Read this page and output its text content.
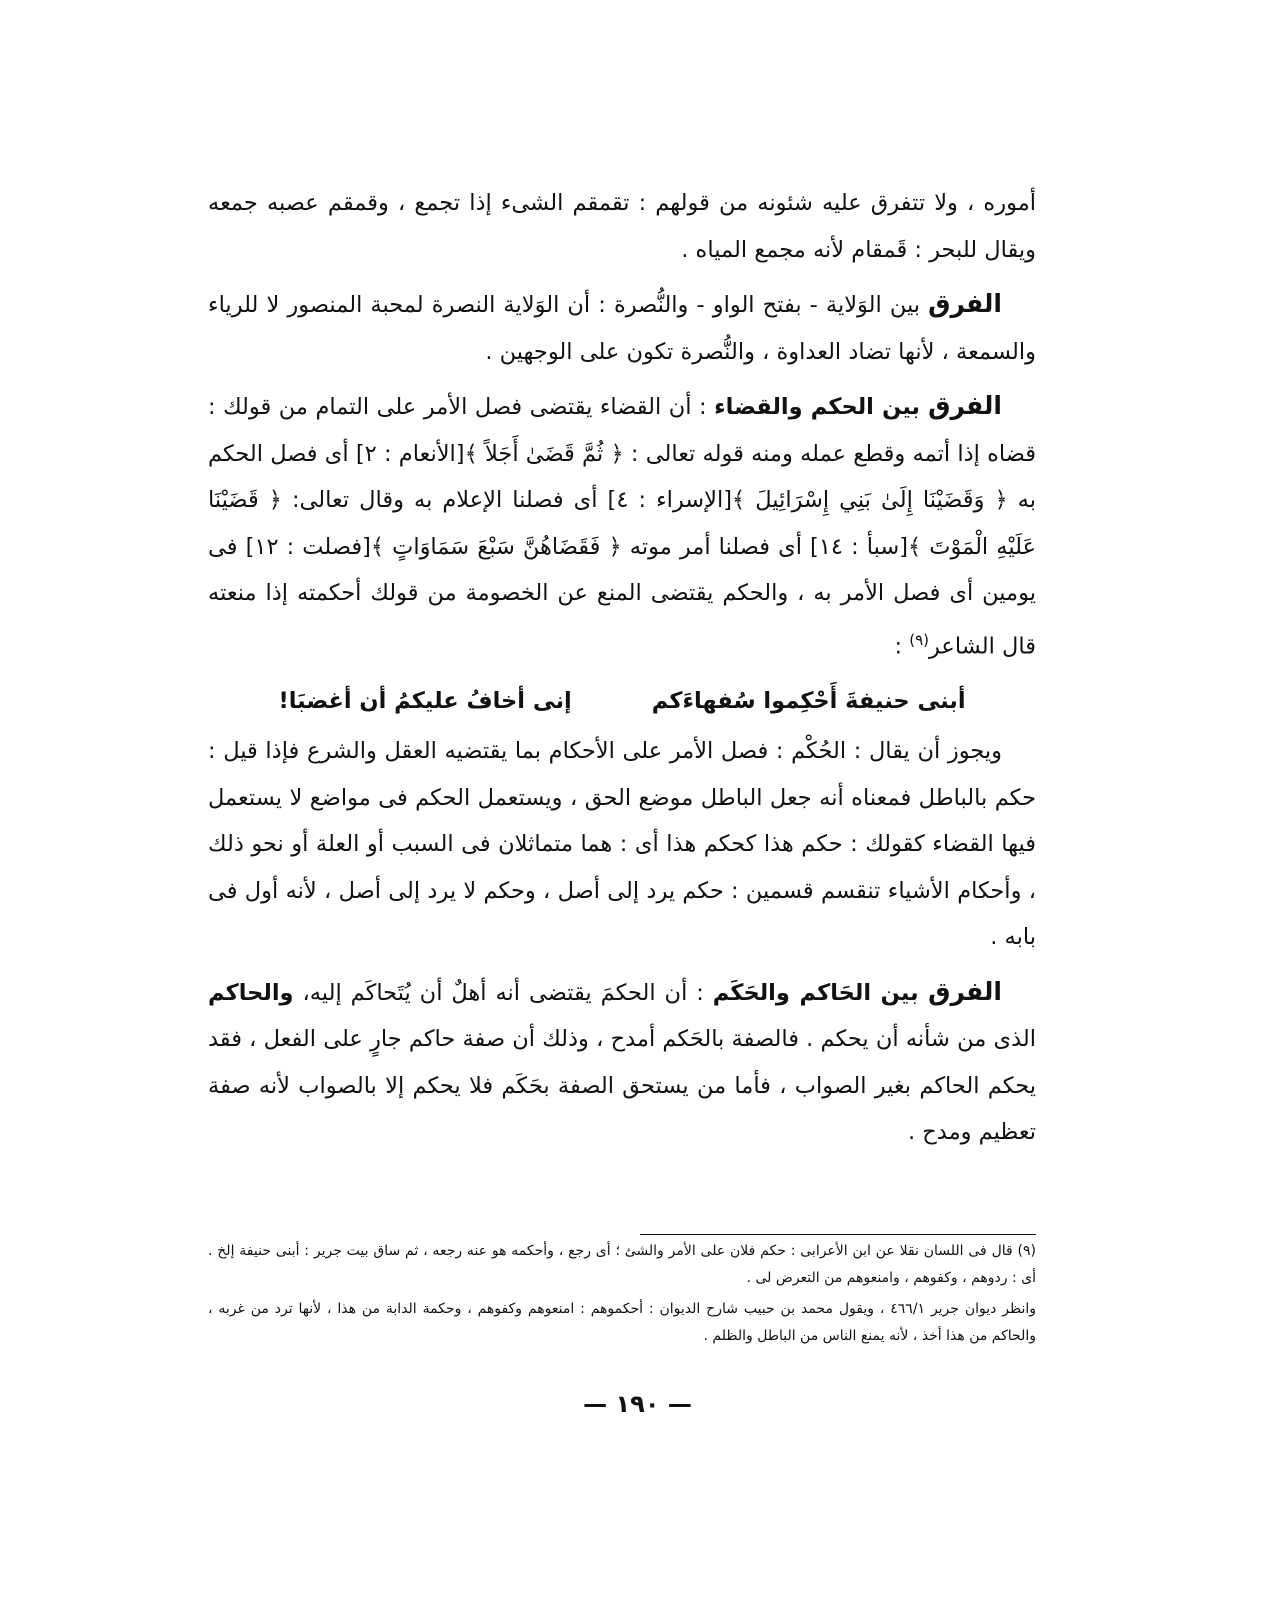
أموره ، ولا تتفرق عليه شئونه من قولهم : تقمقم الشىء إذا تجمع ، وقمقم عصبه جمعه ويقال للبحر : قَمقام لأنه مجمع المياه .

الفرق بين الوَلاية - بفتح الواو - والنُّصرة : أن الوَلاية النصرة لمحبة المنصور لا للرياء والسمعة ، لأنها تضاد العداوة ، والنُّصرة تكون على الوجهين .

الفرق بين الحكم والقضاء : أن القضاء يقتضى فصل الأمر على التمام من قولك : قضاه إذا أتمه وقطع عمله ومنه قوله تعالى : ﴿ ثُمَّ قَضَىٰ أَجَلاً ﴾[الأنعام : ٢] أى فصل الحكم به ﴿ وَقَضَيْنَا إِلَىٰ بَنِي إِسْرَائِيلَ ﴾[الإسراء : ٤] أى فصلنا الإعلام به وقال تعالى: ﴿ قَضَيْنَا عَلَيْهِ الْمَوْتَ ﴾[سبأ : ١٤] أى فصلنا أمر موته ﴿ فَقَضَاهُنَّ سَبْعَ سَمَاوَاتٍ ﴾[فصلت : ١٢] فى يومين أى فصل الأمر به ، والحكم يقتضى المنع عن الخصومة من قولك أحكمته إذا منعته قال الشاعر$^{(٩)}$ :

أبنى حنيفةَ أَحْكِموا سُفهاءَكم
إنى أخافُ عليكمُ أن أغضبَا!

ويجوز أن يقال : الحُكْم : فصل الأمر على الأحكام بما يقتضيه العقل والشرع فإذا قيل : حكم بالباطل فمعناه أنه جعل الباطل موضع الحق ، ويستعمل الحكم فى مواضع لا يستعمل فيها القضاء كقولك : حكم هذا كحكم هذا أى : هما متماثلان فى السبب أو العلة أو نحو ذلك ، وأحكام الأشياء تنقسم قسمين : حكم يرد إلى أصل ، وحكم لا يرد إلى أصل ، لأنه أول فى بابه .

الفرق بين الحَاكم والحَكَم : أن الحكمَ يقتضى أنه أهلٌ أن يُتَحاكَم إليه، والحاكم الذى من شأنه أن يحكم . فالصفة بالحَكم أمدح ، وذلك أن صفة حاكم جارٍ على الفعل ، فقد يحكم الحاكم بغير الصواب ، فأما من يستحق الصفة بحَكَم فلا يحكم إلا بالصواب لأنه صفة تعظيم ومدح .

(٩) قال فى اللسان نقلا عن ابن الأعرابى : حكم فلان على الأمر والشئ ؛ أى رجع ، وأحكمه هو عنه رجعه ، ثم ساق بيت جرير : أبنى حنيفة إلخ . أى : ردوهم ، وكفوهم ، وامنعوهم من التعرض لى .

وانظر ديوان جرير ٤٦٦/١ ، ويقول محمد بن حبيب شارح الديوان : أحكموهم : امنعوهم وكفوهم ، وحكمة الدابة من هذا ، لأنها ترد من غربه ، والحاكم من هذا أخذ ، لأنه يمنع الناس من الباطل والظلم .

— ١٩٠ —
